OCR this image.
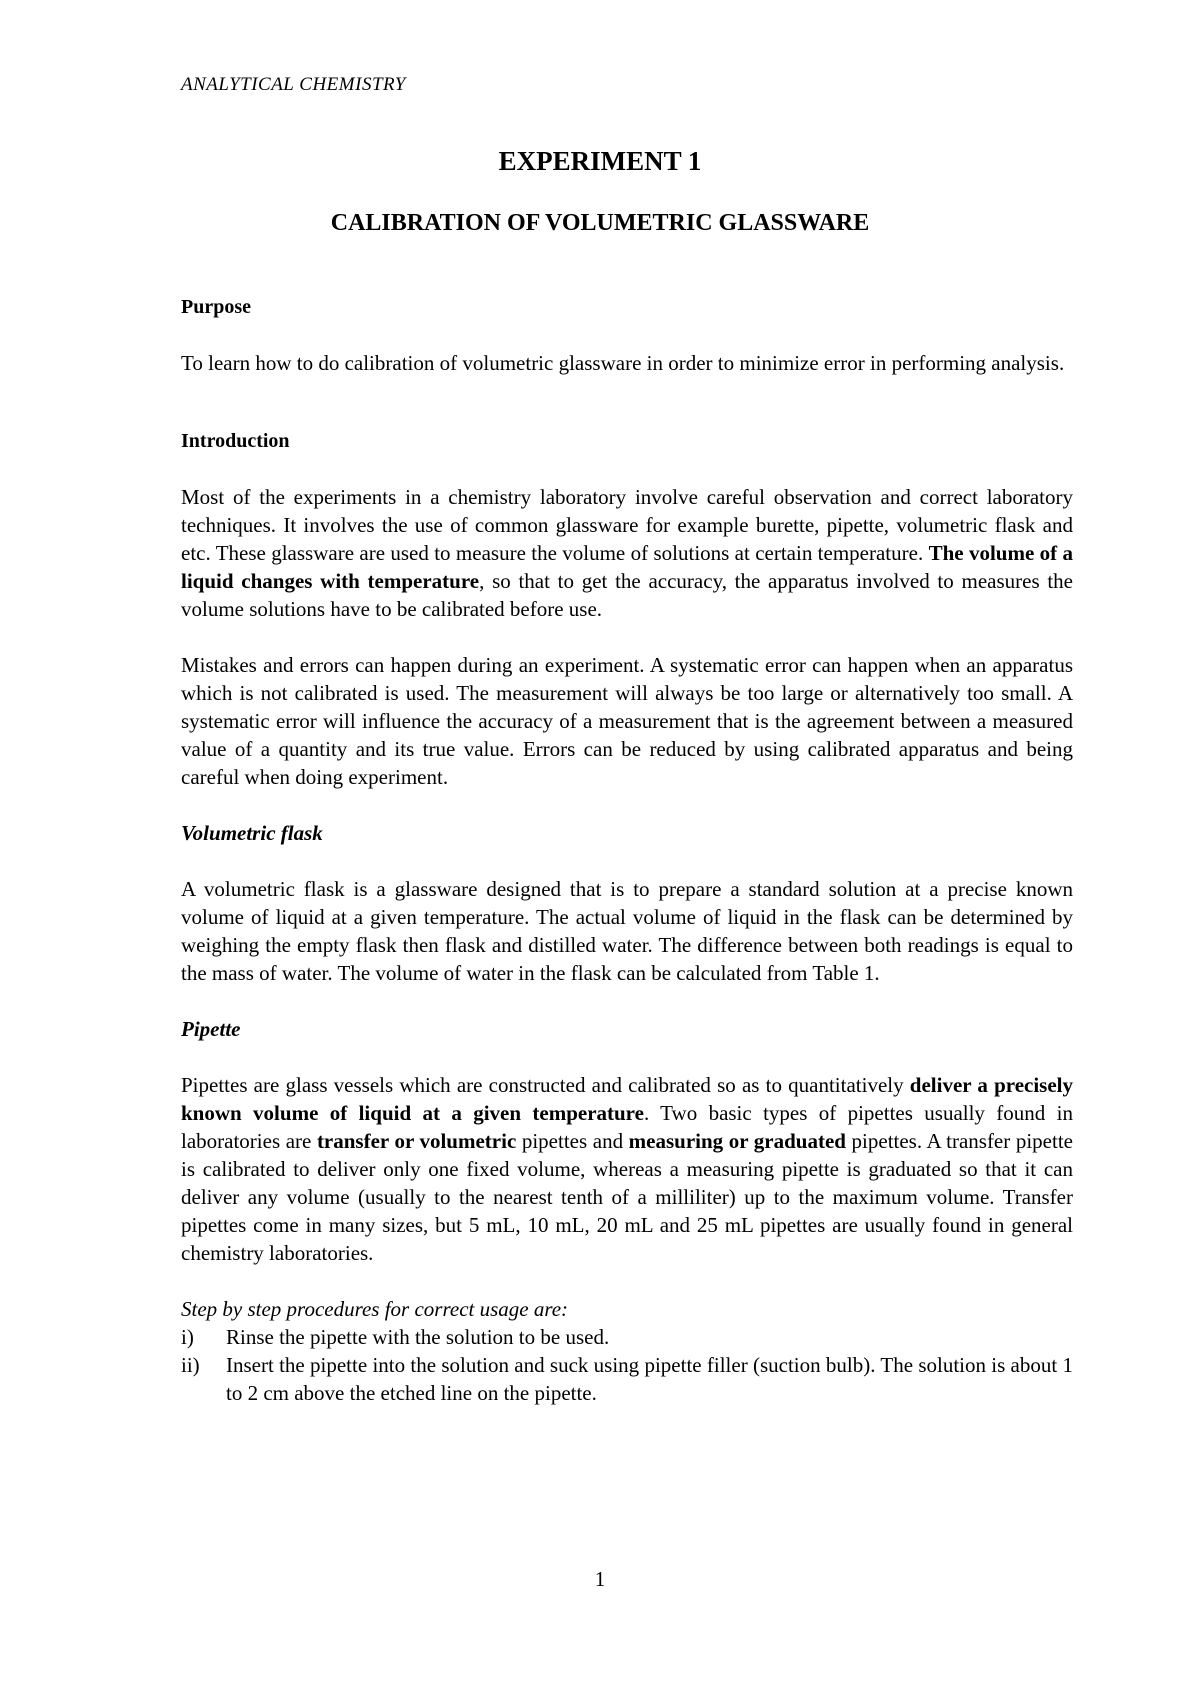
ANALYTICAL CHEMISTRY
EXPERIMENT 1
CALIBRATION OF VOLUMETRIC GLASSWARE
Purpose

To learn how to do calibration of volumetric glassware in order to minimize error in performing analysis.

Introduction

Most of the experiments in a chemistry laboratory involve careful observation and correct laboratory techniques. It involves the use of common glassware for example burette, pipette, volumetric flask and etc. These glassware are used to measure the volume of solutions at certain temperature. The volume of a liquid changes with temperature, so that to get the accuracy, the apparatus involved to measures the volume solutions have to be calibrated before use.

Mistakes and errors can happen during an experiment. A systematic error can happen when an apparatus which is not calibrated is used. The measurement will always be too large or alternatively too small. A systematic error will influence the accuracy of a measurement that is the agreement between a measured value of a quantity and its true value. Errors can be reduced by using calibrated apparatus and being careful when doing experiment.

Volumetric flask

A volumetric flask is a glassware designed that is to prepare a standard solution at a precise known volume of liquid at a given temperature. The actual volume of liquid in the flask can be determined by weighing the empty flask then flask and distilled water. The difference between both readings is equal to the mass of water. The volume of water in the flask can be calculated from Table 1.

Pipette

Pipettes are glass vessels which are constructed and calibrated so as to quantitatively deliver a precisely known volume of liquid at a given temperature. Two basic types of pipettes usually found in laboratories are transfer or volumetric pipettes and measuring or graduated pipettes. A transfer pipette is calibrated to deliver only one fixed volume, whereas a measuring pipette is graduated so that it can deliver any volume (usually to the nearest tenth of a milliliter) up to the maximum volume. Transfer pipettes come in many sizes, but 5 mL, 10 mL, 20 mL and 25 mL pipettes are usually found in general chemistry laboratories.

Step by step procedures for correct usage are:
i) Rinse the pipette with the solution to be used.
ii) Insert the pipette into the solution and suck using pipette filler (suction bulb). The solution is about 1 to 2 cm above the etched line on the pipette.
1
